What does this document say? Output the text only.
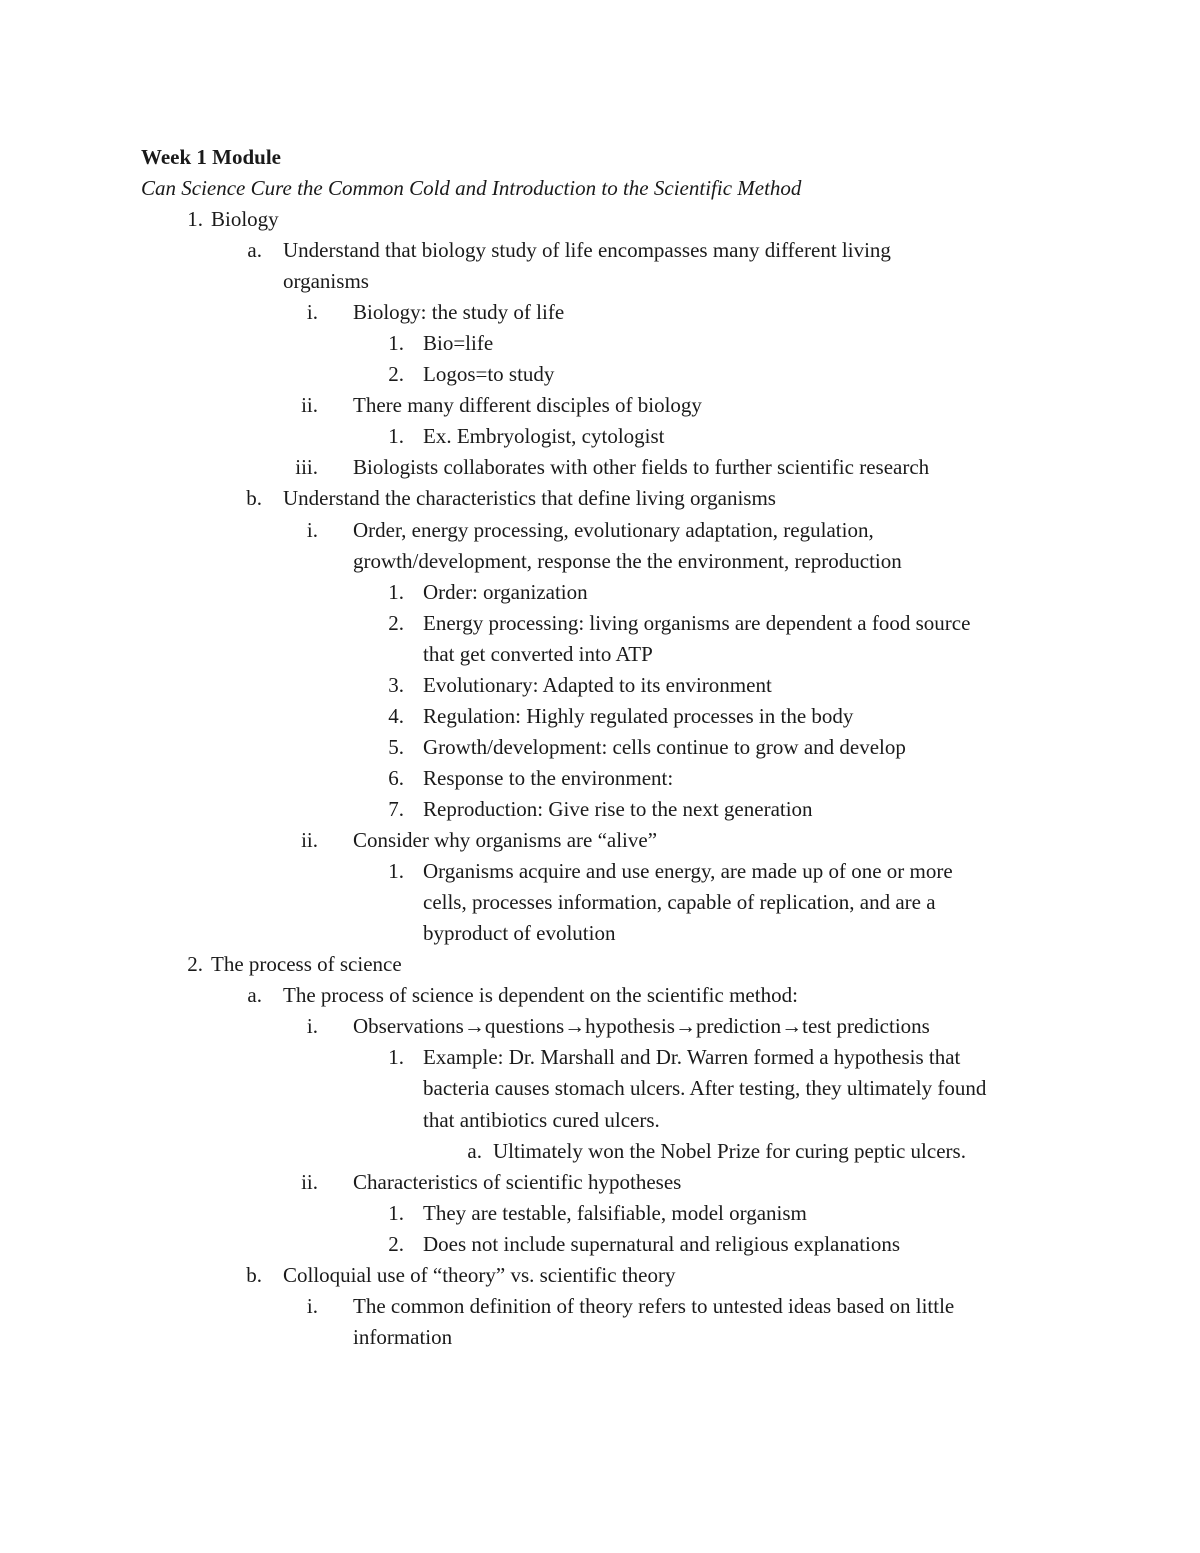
Week 1 Module
Can Science Cure the Common Cold and Introduction to the Scientific Method
1. Biology
a. Understand that biology study of life encompasses many different living
organisms
i. Biology: the study of life
1. Bio=life
2. Logos=to study
ii. There many different disciples of biology
1. Ex. Embryologist, cytologist
iii. Biologists collaborates with other fields to further scientific research
b. Understand the characteristics that define living organisms
i. Order, energy processing, evolutionary adaptation, regulation,
growth/development, response the the environment, reproduction
1. Order: organization
2. Energy processing: living organisms are dependent a food source
that get converted into ATP
3. Evolutionary: Adapted to its environment
4. Regulation: Highly regulated processes in the body
5. Growth/development: cells continue to grow and develop
6. Response to the environment:
7. Reproduction: Give rise to the next generation
ii. Consider why organisms are “alive”
1. Organisms acquire and use energy, are made up of one or more
cells, processes information, capable of replication, and are a
byproduct of evolution
2. The process of science
a. The process of science is dependent on the scientific method:
i. Observations→questions→hypothesis→prediction→test predictions
1. Example: Dr. Marshall and Dr. Warren formed a hypothesis that
bacteria causes stomach ulcers. After testing, they ultimately found
that antibiotics cured ulcers.
a. Ultimately won the Nobel Prize for curing peptic ulcers.
ii. Characteristics of scientific hypotheses
1. They are testable, falsifiable, model organism
2. Does not include supernatural and religious explanations
b. Colloquial use of “theory” vs. scientific theory
i. The common definition of theory refers to untested ideas based on little
information
